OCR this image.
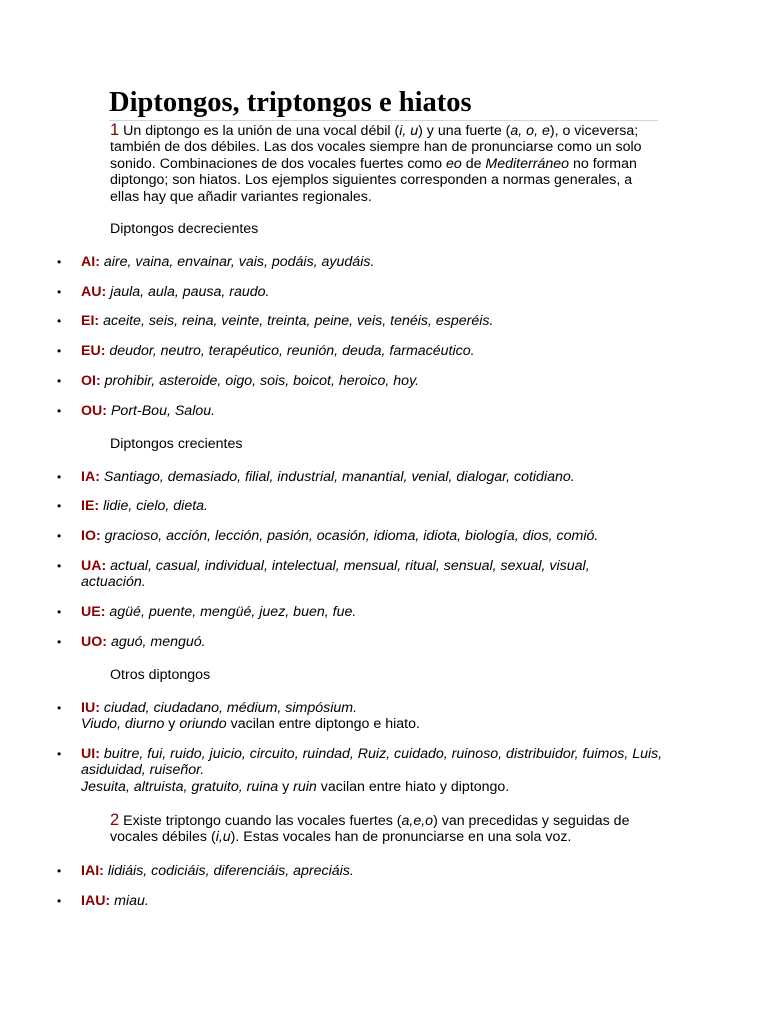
Diptongos, triptongos e hiatos

1 Un diptongo es la unión de una vocal débil (i, u) y una fuerte (a, o, e), o viceversa; también de dos débiles. Las dos vocales siempre han de pronunciarse como un solo sonido. Combinaciones de dos vocales fuertes como eo de Mediterráneo no forman diptongo; son hiatos. Los ejemplos siguientes corresponden a normas generales, a ellas hay que añadir variantes regionales.

Diptongos decrecientes

• AI: aire, vaina, envainar, vais, podáis, ayudáis.
• AU: jaula, aula, pausa, raudo.
• EI: aceite, seis, reina, veinte, treinta, peine, veis, tenéis, esperéis.
• EU: deudor, neutro, terapéutico, reunión, deuda, farmacéutico.
• OI: prohibir, asteroide, oigo, sois, boicot, heroico, hoy.
• OU: Port-Bou, Salou.

Diptongos crecientes

• IA: Santiago, demasiado, filial, industrial, manantial, venial, dialogar, cotidiano.
• IE: lidie, cielo, dieta.
• IO: gracioso, acción, lección, pasión, ocasión, idioma, idiota, biología, dios, comió.
• UA: actual, casual, individual, intelectual, mensual, ritual, sensual, sexual, visual, actuación.
• UE: agüé, puente, mengüé, juez, buen, fue.
• UO: aguó, menguó.

Otros diptongos

• IU: ciudad, ciudadano, médium, simpósium.
Viudo, diurno y oriundo vacilan entre diptongo e hiato.
• UI: buitre, fui, ruido, juicio, circuito, ruindad, Ruiz, cuidado, ruinoso, distribuidor, fuimos, Luis, asiduidad, ruiseñor.
Jesuita, altruista, gratuito, ruina y ruin vacilan entre hiato y diptongo.

2 Existe triptongo cuando las vocales fuertes (a,e,o) van precedidas y seguidas de vocales débiles (i,u). Estas vocales han de pronunciarse en una sola voz.

• IAI: lidiáis, codiciáis, diferenciáis, apreciáis.
• IAU: miau.
